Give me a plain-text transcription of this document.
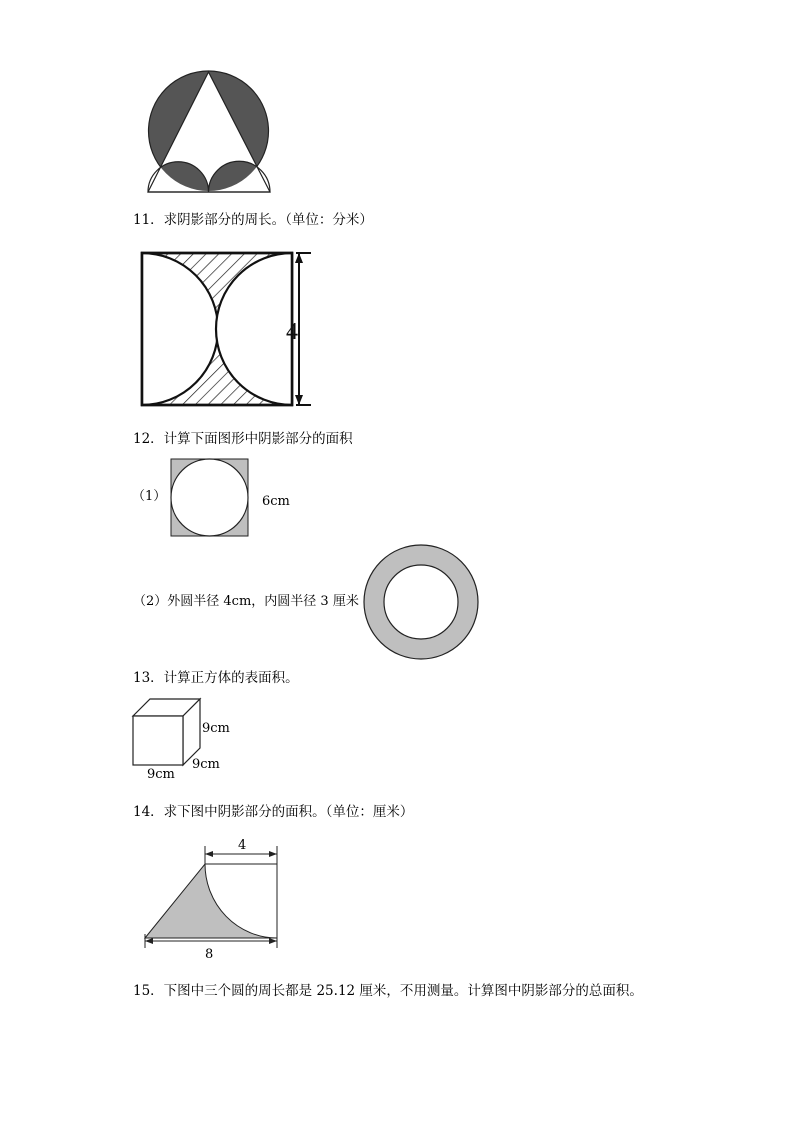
11．求阴影部分的周长。（单位：分米）
4
12．计算下面图形中阴影部分的面积
（1）	6cm
（2）外圆半径 4cm，内圆半径 3 厘米
13．计算正方体的表面积。
9cm
9cm
9cm
14．求下图中阴影部分的面积。（单位：厘米）
4
8
15．下图中三个圆的周长都是 25.12 厘米，不用测量。计算图中阴影部分的总面积。
